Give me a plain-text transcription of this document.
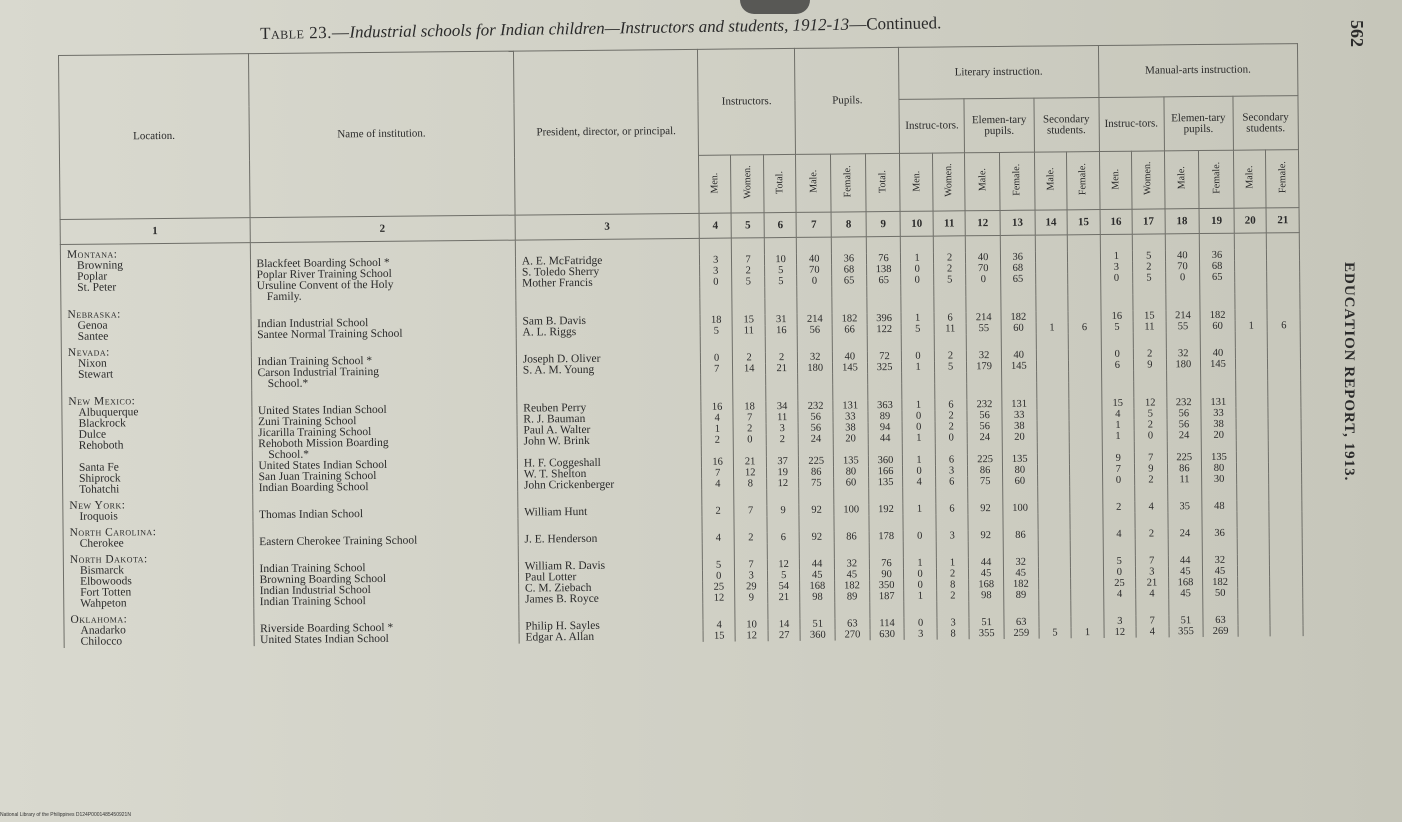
Table 23.—Industrial schools for Indian children—Instructors and students, 1912-13—Continued.	562
EDUCATION REPORT, 1913.
Location.	Name of institution.	President, director, or principal.	Instructors.			Pupils.			Literary instruction.						Manual-arts instruction.					
									Instruc-tors.		Elemen-tary pupils.		Secondary students.		Instruc-tors.		Elemen-tary pupils.		Secondary students.	
			Men.	Women.	Total.	Male.	Female.	Total.	Men.	Women.	Male.	Female.	Male.	Female.	Men.	Women.	Male.	Female.	Male.	Female.
1	2	3	4	5	6	7	8	9	10	11	12	13	14	15	16	17	18	19	20	21
Montana:																				
Browning	Blackfeet Boarding School *	A. E. McFatridge	3	7	10	40	36	76	1	2	40	36			1	5	40	36		
Poplar	Poplar River Training School	S. Toledo Sherry	3	2	5	70	68	138	0	2	70	68			3	2	70	68		
St. Peter	Ursuline Convent of the Holy	Mother Francis	0	5	5	0	65	65	0	5	0	65			0	5	0	65		
	Family.																			
Nebraska:																				
Genoa	Indian Industrial School	Sam B. Davis	18	15	31	214	182	396	1	6	214	182			16	15	214	182		
Santee	Santee Normal Training School	A. L. Riggs	5	11	16	56	66	122	5	11	55	60	1	6	5	11	55	60	1	6
Nevada:																				
Nixon	Indian Training School *	Joseph D. Oliver	0	2	2	32	40	72	0	2	32	40			0	2	32	40		
Stewart	Carson Industrial Training	S. A. M. Young	7	14	21	180	145	325	1	5	179	145			6	9	180	145		
	School.*																			
New Mexico:																				
Albuquerque	United States Indian School	Reuben Perry	16	18	34	232	131	363	1	6	232	131			15	12	232	131		
Blackrock	Zuni Training School	R. J. Bauman	4	7	11	56	33	89	0	2	56	33			4	5	56	33		
Dulce	Jicarilla Training School	Paul A. Walter	1	2	3	56	38	94	0	2	56	38			1	2	56	38		
Rehoboth	Rehoboth Mission Boarding	John W. Brink	2	0	2	24	20	44	1	0	24	20			1	0	24	20		
	School.*																			
Santa Fe	United States Indian School	H. F. Coggeshall	16	21	37	225	135	360	1	6	225	135			9	7	225	135		
Shiprock	San Juan Training School	W. T. Shelton	7	12	19	86	80	166	0	3	86	80			7	9	86	80		
Tohatchi	Indian Boarding School	John Crickenberger	4	8	12	75	60	135	4	6	75	60			0	2	11	30		
New York:																				
Iroquois	Thomas Indian School	William Hunt	2	7	9	92	100	192	1	6	92	100			2	4	35	48		
North Carolina:																				
Cherokee	Eastern Cherokee Training School	J. E. Henderson	4	2	6	92	86	178	0	3	92	86			4	2	24	36		
North Dakota:																				
Bismarck	Indian Training School	William R. Davis	5	7	12	44	32	76	1	1	44	32			5	7	44	32		
Elbowoods	Browning Boarding School	Paul Lotter	0	3	5	45	45	90	0	2	45	45			0	3	45	45		
Fort Totten	Indian Industrial School	C. M. Ziebach	25	29	54	168	182	350	0	8	168	182			25	21	168	182		
Wahpeton	Indian Training School	James B. Royce	12	9	21	98	89	187	1	2	98	89			4	4	45	50		
Oklahoma:																				
Anadarko	Riverside Boarding School *	Philip H. Sayles	4	10	14	51	63	114	0	3	51	63			3	7	51	63		
Chilocco	United States Indian School	Edgar A. Allan	15	12	27	360	270	630	3	8	355	259	5	1	12	4	355	269		
National Library of the Philippines D124P0001485450921N
